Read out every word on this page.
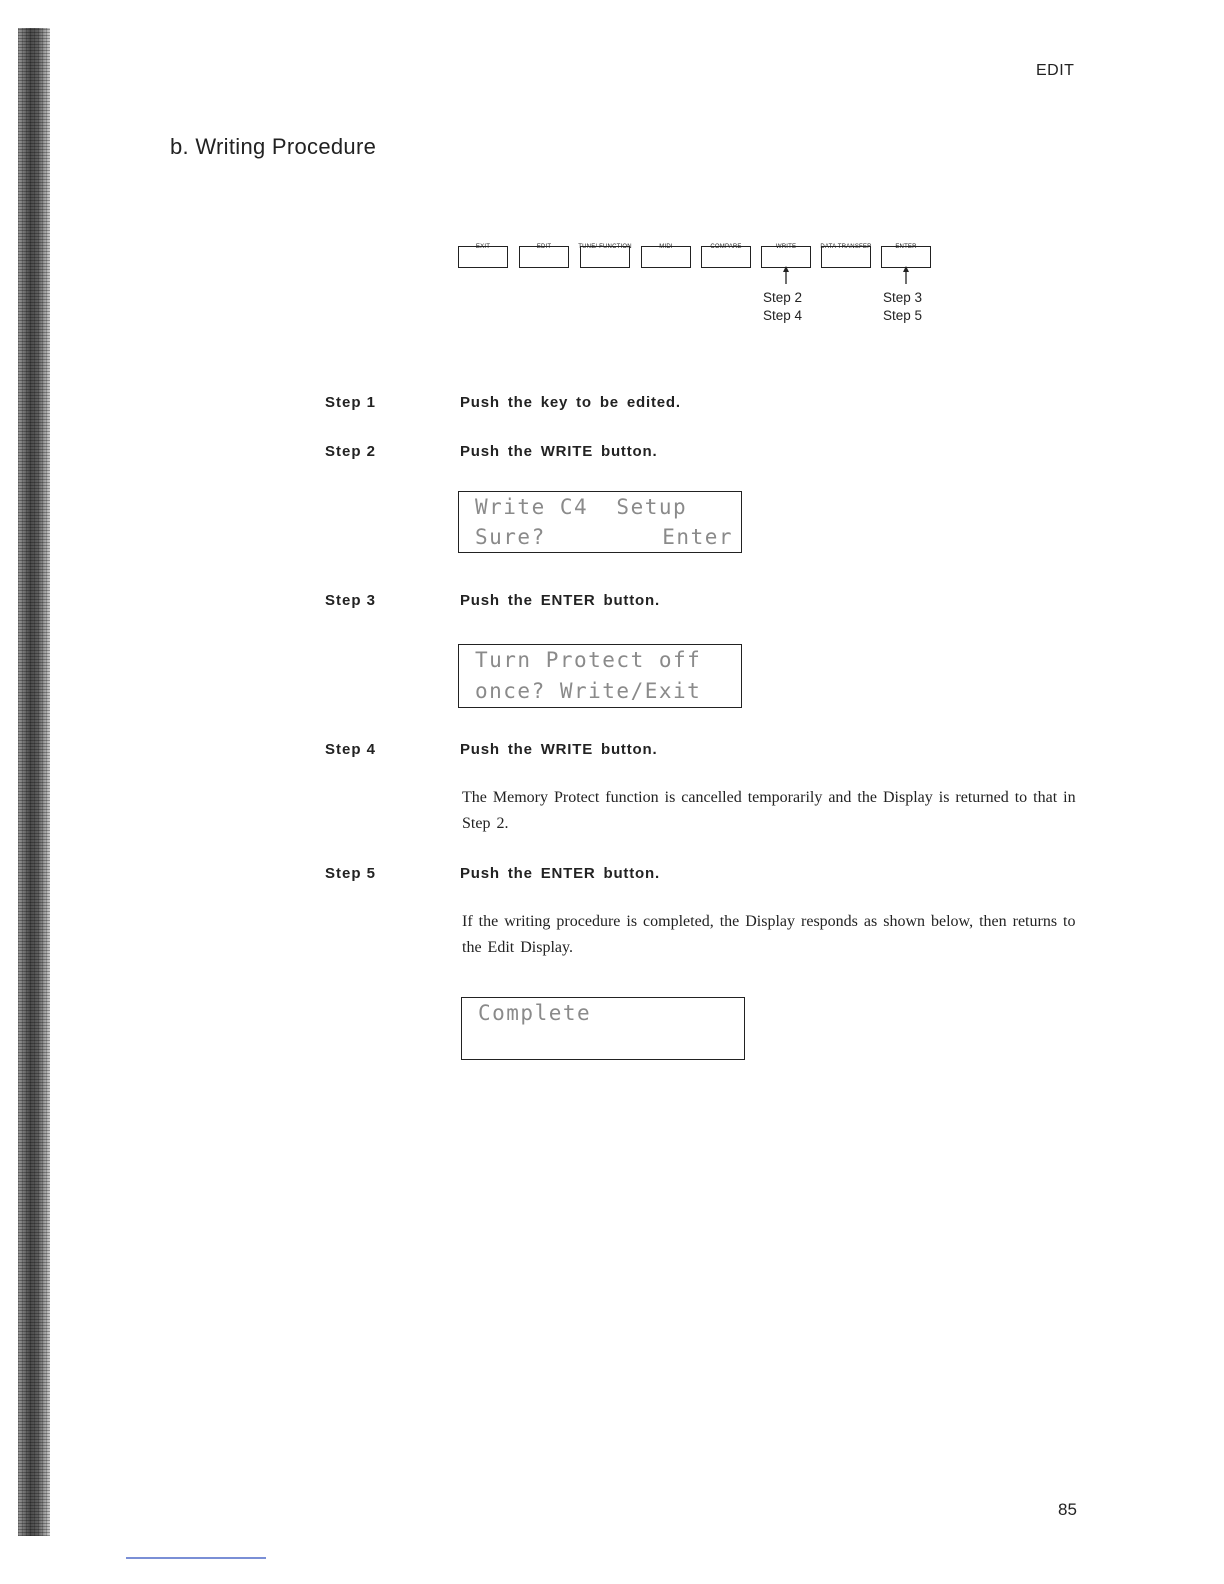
EDIT
b. Writing Procedure
EXIT	EDIT	TUNE/ FUNCTION	MIDI	COMPARE	WRITE	DATA TRANSFER	ENTER
Step 2
Step 4
Step 3
Step 5
Step 1	Push the key to be edited.
Step 2	Push the WRITE button.
Write C4  Setup
Sure?	Enter
Step 3	Push the ENTER button.
Turn Protect off
once? Write/Exit
Step 4	Push the WRITE button.
The Memory Protect function is cancelled temporarily and the Display is returned to that in Step 2.
Step 5	Push the ENTER button.
If the writing procedure is completed, the Display responds as shown below, then returns to the Edit Display.
Complete
85
